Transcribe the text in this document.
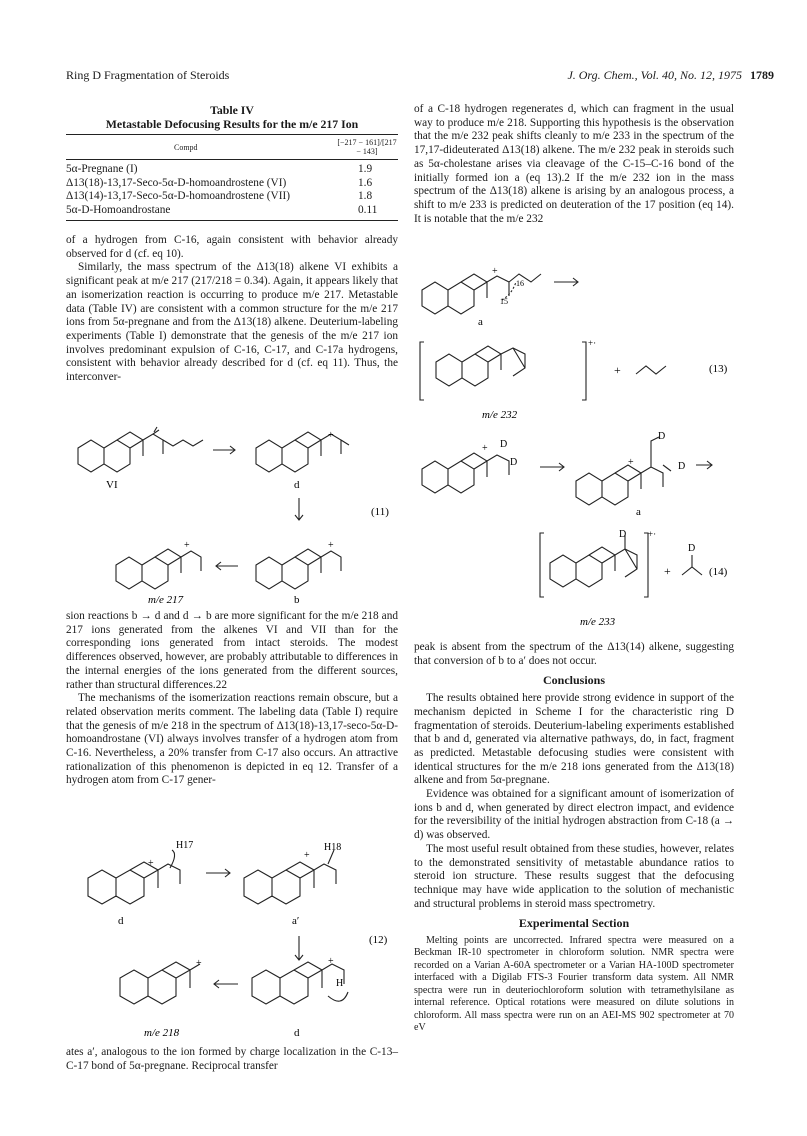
Ring D Fragmentation of Steroids	J. Org. Chem., Vol. 40, No. 12, 1975 1789
Table IV
Metastable Defocusing Results for the m/e 217 Ion
Compd	[−217 − 161]/[217 − 143]
5α-Pregnane (I)	1.9
Δ13(18)-13,17-Seco-5α-D-homoandrostene (VI)	1.6
Δ13(14)-13,17-Seco-5α-D-homoandrostene (VII)	1.8
5α-D-Homoandrostane	0.11

of a hydrogen from C-16, again consistent with behavior already observed for d (cf. eq 10).

Similarly, the mass spectrum of the Δ13(18) alkene VI exhibits a significant peak at m/e 217 (217/218 = 0.34). Again, it appears likely that an isomerization reaction is occurring to produce m/e 217. Metastable data (Table IV) are consistent with a common structure for the m/e 217 ions from 5α-pregnane and from the Δ13(18) alkene. Deuterium-labeling experiments (Table I) demonstrate that the genesis of the m/e 217 ion involves predominant expulsion of C-16, C-17, and C-17a hydrogens, consistent with behavior already described for d (cf. eq 11). Thus, the interconver-

VI
+
d
(11)
+
m/e 217
+
b

sion reactions b → d and d → b are more significant for the m/e 218 and 217 ions generated from the alkenes VI and VII than for the corresponding ions generated from intact steroids. The modest differences observed, however, are probably attributable to differences in the internal energies of the ions generated from the different sources, rather than structural differences.22

The mechanisms of the isomerization reactions remain obscure, but a related observation merits comment. The labeling data (Table I) require that the genesis of m/e 218 in the spectrum of Δ13(18)-13,17-seco-5α-D-homoandrostane (VI) always involves transfer of a hydrogen atom from C-16. Nevertheless, a 20% transfer from C-17 also occurs. An attractive rationalization of this phenomenon is depicted in eq 12. Transfer of a hydrogen atom from C-17 gener-

+
H17
d
+
H18
a′
(12)
+
m/e 218
+
H
d

ates a′, analogous to the ion formed by charge localization in the C-13–C-17 bond of 5α-pregnane. Reciprocal transfer

of a C-18 hydrogen regenerates d, which can fragment in the usual way to produce m/e 218. Supporting this hypothesis is the observation that the m/e 232 peak shifts cleanly to m/e 233 in the spectrum of the 17,17-dideuterated Δ13(18) alkene. The m/e 232 peak in steroids such as 5α-cholestane arises via cleavage of the C-15–C-16 bond of the initially formed ion a (eq 13).2 If the m/e 232 ion in the mass spectrum of the Δ13(18) alkene is arising by an analogous process, a shift to m/e 233 is predicted on deuteration of the 17 position (eq 14). It is notable that the m/e 232

+
16
15
a
+·
+	(13)
m/e 232
+ D
D	+
D
D
a
+·
D
+
D
(14)
m/e 233

peak is absent from the spectrum of the Δ13(14) alkene, suggesting that conversion of b to a′ does not occur.

Conclusions

The results obtained here provide strong evidence in support of the mechanism depicted in Scheme I for the characteristic ring D fragmentation of steroids. Deuterium-labeling experiments established that b and d, generated via alternative pathways, do, in fact, fragment as predicted. Metastable defocusing studies were consistent with identical structures for the m/e 218 ions generated from the Δ13(18) alkene and from 5α-pregnane.

Evidence was obtained for a significant amount of isomerization of ions b and d, when generated by direct electron impact, and evidence for the reversibility of the initial hydrogen abstraction from C-18 (a → d) was observed.

The most useful result obtained from these studies, however, relates to the demonstrated sensitivity of metastable abundance ratios to steroid ion structure. These results suggest that the defocusing technique may have wide application to the solution of mechanistic and structural problems in steroid mass spectrometry.

Experimental Section

Melting points are uncorrected. Infrared spectra were measured on a Beckman IR-10 spectrometer in chloroform solution. NMR spectra were recorded on a Varian A-60A spectrometer or a Varian HA-100D spectrometer interfaced with a Digilab FTS-3 Fourier transform data system. All NMR spectra were run in deuteriochloroform solution with tetramethylsilane as internal reference. Optical rotations were measured on dilute solutions in chloroform. All mass spectra were run on an AEI-MS 902 spectrometer at 70 eV
